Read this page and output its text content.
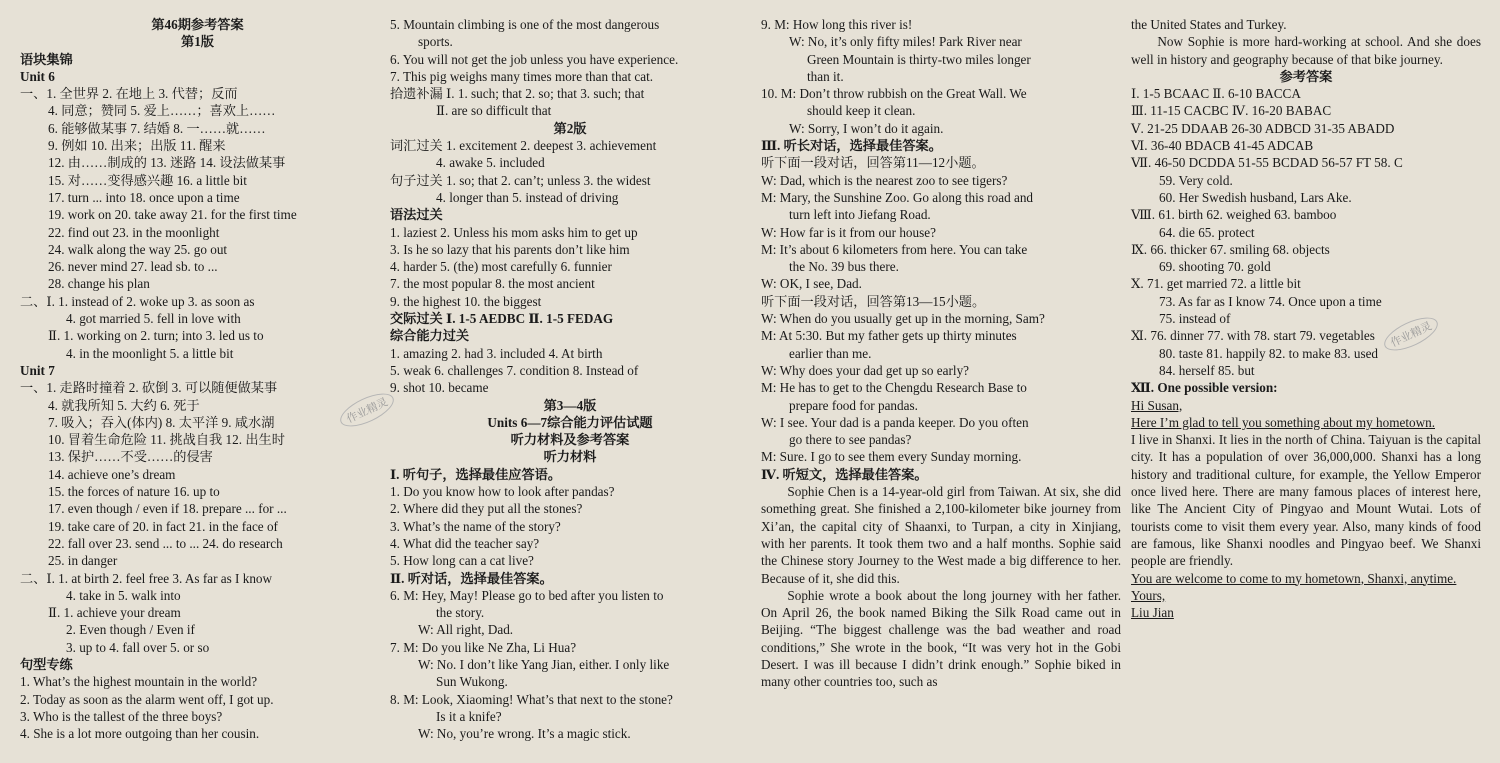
第46期参考答案
第1版
语块集锦
Unit 6
一、1. 全世界 2. 在地上 3. 代替；反而
4. 同意；赞同 5. 爱上……；喜欢上……
6. 能够做某事 7. 结婚 8. 一……就……
9. 例如 10. 出来；出版 11. 醒来
12. 由……制成的 13. 迷路 14. 设法做某事
15. 对……变得感兴趣 16. a little bit
17. turn ... into 18. once upon a time
19. work on 20. take away 21. for the first time
22. find out 23. in the moonlight
24. walk along the way 25. go out
26. never mind 27. lead sb. to ...
28. change his plan
二、Ⅰ. 1. instead of 2. woke up 3. as soon as
4. got married 5. fell in love with
Ⅱ. 1. working on 2. turn; into 3. led us to
4. in the moonlight 5. a little bit
Unit 7
一、1. 走路时撞着 2. 砍倒 3. 可以随便做某事
4. 就我所知 5. 大约 6. 死于
7. 吸入；吞入(体内) 8. 太平洋 9. 咸水湖
10. 冒着生命危险 11. 挑战自我 12. 出生时
13. 保护……不受……的侵害
14. achieve one’s dream
15. the forces of nature 16. up to
17. even though / even if 18. prepare ... for ...
19. take care of 20. in fact 21. in the face of
22. fall over 23. send ... to ... 24. do research
25. in danger
二、Ⅰ. 1. at birth 2. feel free 3. As far as I know
4. take in 5. walk into
Ⅱ. 1. achieve your dream
2. Even though / Even if
3. up to 4. fall over 5. or so
句型专练
1. What’s the highest mountain in the world?
2. Today as soon as the alarm went off, I got up.
3. Who is the tallest of the three boys?
4. She is a lot more outgoing than her cousin.
5. Mountain climbing is one of the most dangerous
sports.
6. You will not get the job unless you have experience.
7. This pig weighs many times more than that cat.
拾遗补漏 Ⅰ. 1. such; that 2. so; that 3. such; that
Ⅱ. are so difficult that
第2版
词汇过关 1. excitement 2. deepest 3. achievement
4. awake 5. included
句子过关 1. so; that 2. can’t; unless 3. the widest
4. longer than 5. instead of driving
语法过关
1. laziest 2. Unless his mom asks him to get up
3. Is he so lazy that his parents don’t like him
4. harder 5. (the) most carefully 6. funnier
7. the most popular 8. the most ancient
9. the highest 10. the biggest
交际过关 Ⅰ. 1-5 AEDBC Ⅱ. 1-5 FEDAG
综合能力过关
1. amazing 2. had 3. included 4. At birth
5. weak 6. challenges 7. condition 8. Instead of
9. shot 10. became
第3—4版
Units 6—7综合能力评估试题
听力材料及参考答案
听力材料
Ⅰ. 听句子，选择最佳应答语。
1. Do you know how to look after pandas?
2. Where did they put all the stones?
3. What’s the name of the story?
4. What did the teacher say?
5. How long can a cat live?
Ⅱ. 听对话，选择最佳答案。
6. M: Hey, May! Please go to bed after you listen to
the story.
W: All right, Dad.
7. M: Do you like Ne Zha, Li Hua?
W: No. I don’t like Yang Jian, either. I only like
Sun Wukong.
8. M: Look, Xiaoming! What’s that next to the stone?
Is it a knife?
W: No, you’re wrong. It’s a magic stick.
9. M: How long this river is!
W: No, it’s only fifty miles! Park River near
Green Mountain is thirty-two miles longer
than it.
10. M: Don’t throw rubbish on the Great Wall. We
should keep it clean.
W: Sorry, I won’t do it again.
Ⅲ. 听长对话，选择最佳答案。
听下面一段对话，回答第11—12小题。
W: Dad, which is the nearest zoo to see tigers?
M: Mary, the Sunshine Zoo. Go along this road and
turn left into Jiefang Road.
W: How far is it from our house?
M: It’s about 6 kilometers from here. You can take
the No. 39 bus there.
W: OK, I see, Dad.
听下面一段对话，回答第13—15小题。
W: When do you usually get up in the morning, Sam?
M: At 5:30. But my father gets up thirty minutes
earlier than me.
W: Why does your dad get up so early?
M: He has to get to the Chengdu Research Base to
prepare food for pandas.
W: I see. Your dad is a panda keeper. Do you often
go there to see pandas?
M: Sure. I go to see them every Sunday morning.
Ⅳ. 听短文，选择最佳答案。
Sophie Chen is a 14-year-old girl from Taiwan. At six, she did something great. She finished a 2,100-kilometer bike journey from Xi’an, the capital city of Shaanxi, to Turpan, a city in Xinjiang, with her parents. It took them two and a half months. Sophie said the Chinese story Journey to the West made a big difference to her. Because of it, she did this.
Sophie wrote a book about the long journey with her father. On April 26, the book named Biking the Silk Road came out in Beijing. “The biggest challenge was the bad weather and road conditions,” She wrote in the book, “It was very hot in the Gobi Desert. I was ill because I didn’t drink enough.” Sophie biked in many other countries too, such as
the United States and Turkey.
Now Sophie is more hard-working at school. And she does well in history and geography because of that bike journey.
参考答案
Ⅰ. 1-5 BCAAC Ⅱ. 6-10 BACCA
Ⅲ. 11-15 CACBC Ⅳ. 16-20 BABAC
Ⅴ. 21-25 DDAAB 26-30 ADBCD 31-35 ABADD
Ⅵ. 36-40 BDACB 41-45 ADCAB
Ⅶ. 46-50 DCDDA 51-55 BCDAD 56-57 FT 58. C
59. Very cold.
60. Her Swedish husband, Lars Ake.
Ⅷ. 61. birth 62. weighed 63. bamboo
64. die 65. protect
Ⅸ. 66. thicker 67. smiling 68. objects
69. shooting 70. gold
Ⅹ. 71. get married 72. a little bit
73. As far as I know 74. Once upon a time
75. instead of
Ⅺ. 76. dinner 77. with 78. start 79. vegetables
80. taste 81. happily 82. to make 83. used
84. herself 85. but
Ⅻ. One possible version:
Hi Susan,
Here I’m glad to tell you something about my hometown.
I live in Shanxi. It lies in the north of China. Taiyuan is the capital city. It has a population of over 36,000,000. Shanxi has a long history and traditional culture, for example, the Yellow Emperor once lived here. There are many famous places of interest here, like The Ancient City of Pingyao and Mount Wutai. Lots of tourists come to visit them every year. Also, many kinds of food are famous, like Shanxi noodles and Pingyao beef. We Shanxi people are friendly.
You are welcome to come to my hometown, Shanxi, anytime.
Yours,
Liu Jian
作业精灵
作业精灵
